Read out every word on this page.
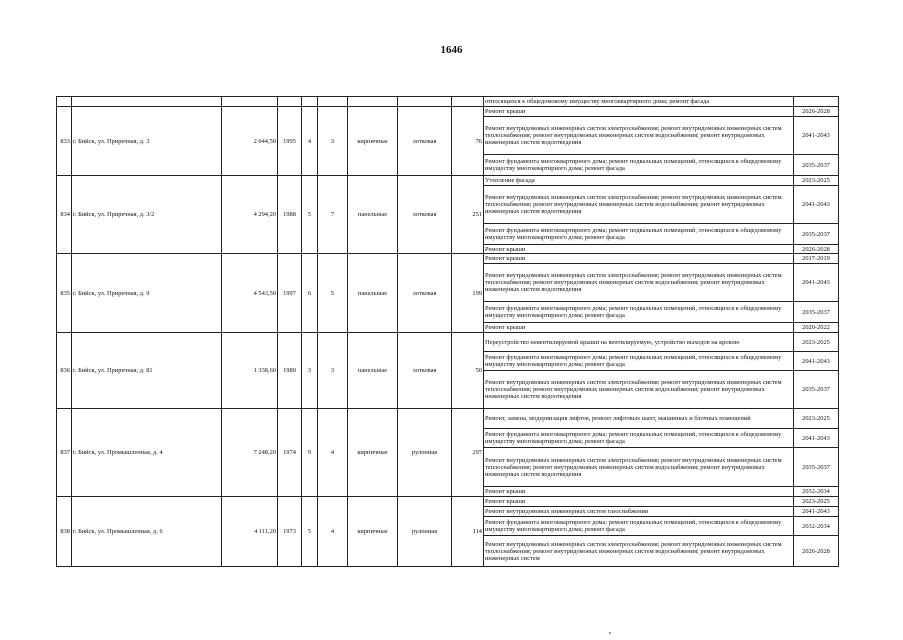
1646
									относящихся к общедомовому имуществу многоквартирного дома; ремонт фасада	
833	г. Бийск, ул. Приречная, д. 3	2 044,50	1995	4	3	кирпичные	лотковая	76	Ремонт крыши	2026-2028
									Ремонт внутридомовых инженерных систем электроснабжения; ремонт внутридомовых инженерных систем теплоснабжения; ремонт внутридомовых инженерных систем водоснабжения; ремонт внутридомовых инженерных систем водоотведения	2041-2043
									Ремонт фундамента многоквартирного дома; ремонт подвальных помещений, относящихся к общедомовому имуществу многоквартирного дома; ремонт фасада	2035-2037
834	г. Бийск, ул. Приречная, д. 3/2	4 294,20	1988	5	7	панельные	лотковая	251	Утепление фасада	2023-2025
									Ремонт внутридомовых инженерных систем электроснабжения; ремонт внутридомовых инженерных систем теплоснабжения; ремонт внутридомовых инженерных систем водоснабжения; ремонт внутридомовых инженерных систем водоотведения	2041-2043
									Ремонт фундамента многоквартирного дома; ремонт подвальных помещений, относящихся к общедомовому имуществу многоквартирного дома; ремонт фасада	2035-2037
									Ремонт крыши	2026-2028
835	г. Бийск, ул. Приречная, д. 9	4 543,50	1997	6	5	панельные	лотковая	199	Ремонт крыши	2017-2019
									Ремонт внутридомовых инженерных систем электроснабжения; ремонт внутридомовых инженерных систем теплоснабжения; ремонт внутридомовых инженерных систем водоснабжения; ремонт внутридомовых инженерных систем водоотведения	2041-2043
									Ремонт фундамента многоквартирного дома; ремонт подвальных помещений, относящихся к общедомовому имуществу многоквартирного дома; ремонт фасада	2035-2037
									Ремонт крыши	2020-2022
836	г. Бийск, ул. Приречная, д. 81	1 338,60	1980	3	3	панельные	лотковая	50	Переустройство невентилируемой крыши на вентилируемую, устройство выходов на кровлю	2023-2025
									Ремонт фундамента многоквартирного дома; ремонт подвальных помещений, относящихся к общедомовому имуществу многоквартирного дома; ремонт фасада	2041-2043
									Ремонт внутридомовых инженерных систем электроснабжения; ремонт внутридомовых инженерных систем теплоснабжения; ремонт внутридомовых инженерных систем водоснабжения; ремонт внутридомовых инженерных систем водоотведения	2035-2037
837	г. Бийск, ул. Промышленная, д. 4	7 248,20	1974	9	4	кирпичные	рулонная	297	Ремонт, замена, модернизация лифтов, ремонт лифтовых шахт, машинных и блочных помещений	2023-2025
									Ремонт фундамента многоквартирного дома; ремонт подвальных помещений, относящихся к общедомовому имуществу многоквартирного дома; ремонт фасада	2041-2043
									Ремонт внутридомовых инженерных систем электроснабжения; ремонт внутридомовых инженерных систем теплоснабжения; ремонт внутридомовых инженерных систем водоснабжения; ремонт внутридомовых инженерных систем водоотведения	2035-2037
									Ремонт крыши	2032-2034
838	г. Бийск, ул. Промышленная, д. 6	4 111,20	1973	5	4	кирпичные	рулонная	114	Ремонт крыши	2023-2025
									Ремонт внутридомовых инженерных систем газоснабжения	2041-2043
									Ремонт фундамента многоквартирного дома; ремонт подвальных помещений, относящихся к общедомовому имуществу многоквартирного дома; ремонт фасада	2032-2034
									Ремонт внутридомовых инженерных систем электроснабжения; ремонт внутридомовых инженерных систем теплоснабжения; ремонт внутридомовых инженерных систем водоснабжения; ремонт внутридомовых инженерных систем	2026-2028
